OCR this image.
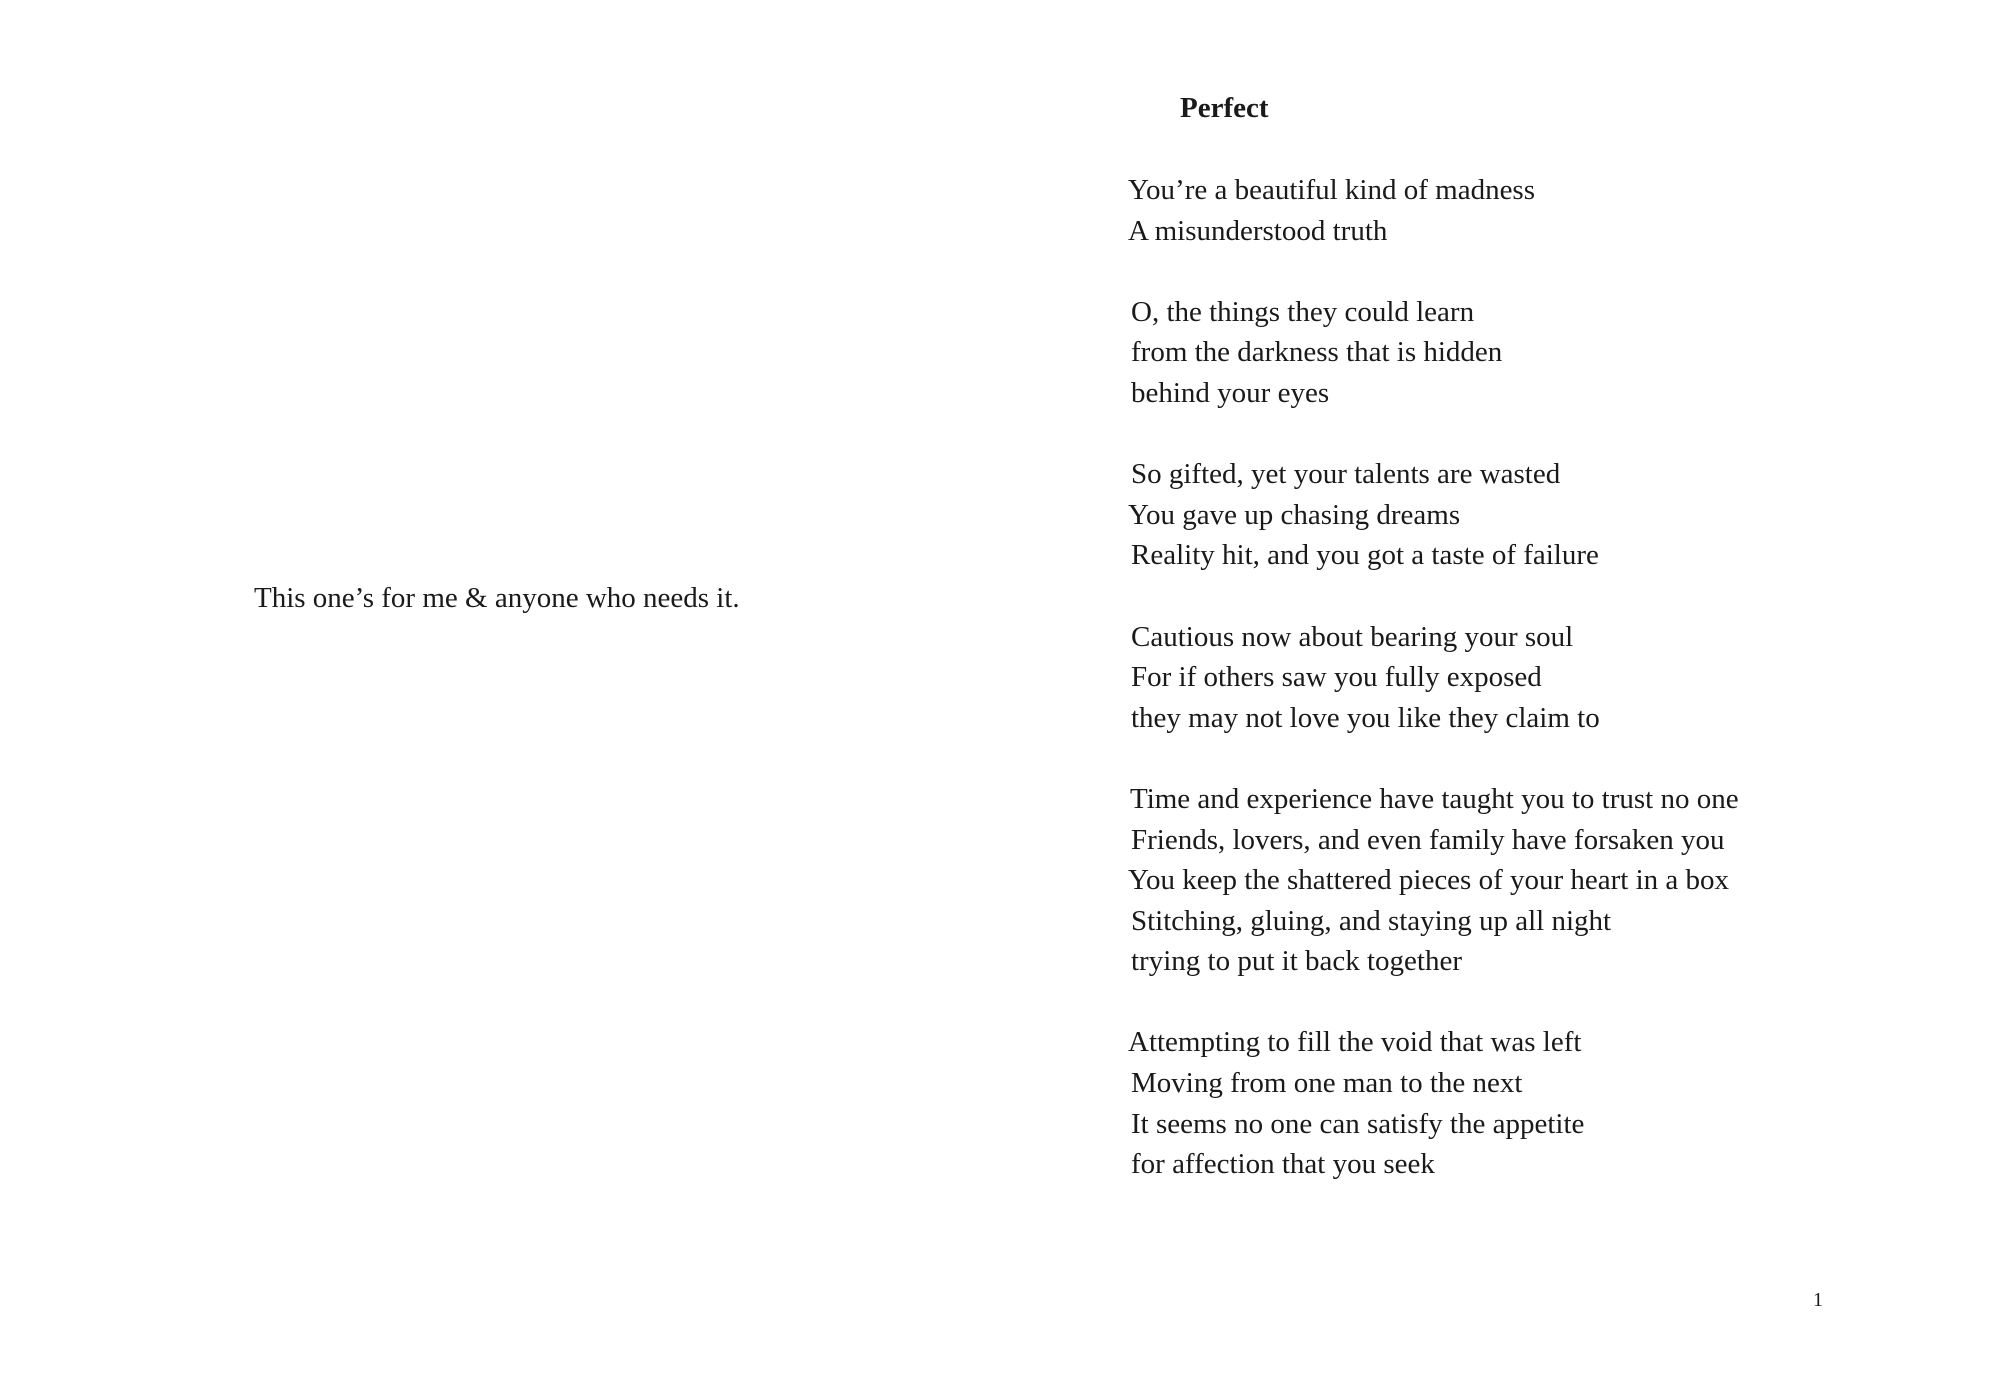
This one’s for me & anyone who needs it.
Perfect
You’re a beautiful kind of madness
A misunderstood truth
O, the things they could learn
from the darkness that is hidden
behind your eyes
So gifted, yet your talents are wasted
You gave up chasing dreams
Reality hit, and you got a taste of failure
Cautious now about bearing your soul
For if others saw you fully exposed
they may not love you like they claim to
Time and experience have taught you to trust no one
Friends, lovers, and even family have forsaken you
You keep the shattered pieces of your heart in a box
Stitching, gluing, and staying up all night
trying to put it back together
Attempting to fill the void that was left
Moving from one man to the next
It seems no one can satisfy the appetite
for affection that you seek
1
